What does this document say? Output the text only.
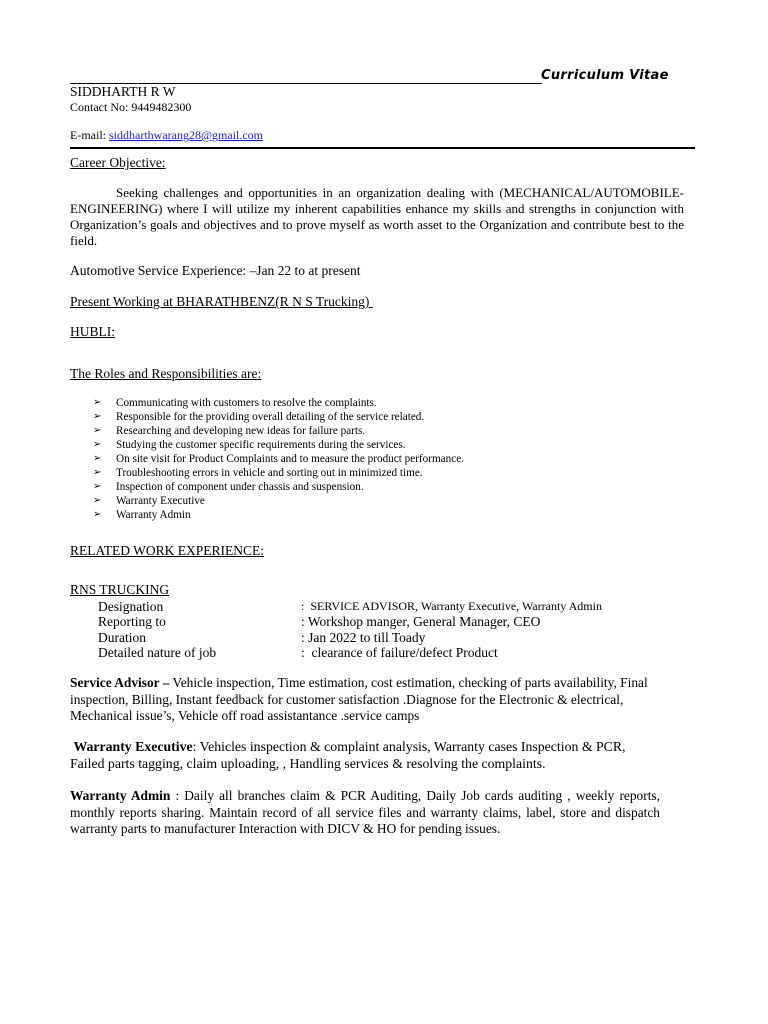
Curriculum Vitae
SIDDHARTH R W
Contact No: 9449482300
E-mail: siddharthwarang28@gmail.com
Career Objective:

Seeking challenges and opportunities in an organization dealing with (MECHANICAL/AUTOMOBILE-ENGINEERING) where I will utilize my inherent capabilities enhance my skills and strengths in conjunction with Organization’s goals and objectives and to prove myself as worth asset to the Organization and contribute best to the field.

Automotive Service Experience: –Jan 22 to at present
Present Working at BHARATHBENZ(R N S Trucking)
HUBLI:
The Roles and Responsibilities are:
➢ Communicating with customers to resolve the complaints.
➢ Responsible for the providing overall detailing of the service related.
➢ Researching and developing new ideas for failure parts.
➢ Studying the customer specific requirements during the services.
➢ On site visit for Product Complaints and to measure the product performance.
➢ Troubleshooting errors in vehicle and sorting out in minimized time.
➢ Inspection of component under chassis and suspension.
➢ Warranty Executive
➢ Warranty Admin
RELATED WORK EXPERIENCE:
RNS TRUCKING
Designation	:  SERVICE ADVISOR, Warranty Executive, Warranty Admin
Reporting to	: Workshop manger, General Manager, CEO
Duration	: Jan 2022 to till Toady
Detailed nature of job	:  clearance of failure/defect Product

Service Advisor – Vehicle inspection, Time estimation, cost estimation, checking of parts availability, Final inspection, Billing, Instant feedback for customer satisfaction .Diagnose for the Electronic & electrical, Mechanical issue’s, Vehicle off road assistantance .service camps

Warranty Executive: Vehicles inspection & complaint analysis, Warranty cases Inspection & PCR, Failed parts tagging, claim uploading, , Handling services & resolving the complaints.

Warranty Admin : Daily all branches claim & PCR Auditing, Daily Job cards auditing , weekly reports, monthly reports sharing. Maintain record of all service files and warranty claims, label, store and dispatch warranty parts to manufacturer Interaction with DICV & HO for pending issues.
